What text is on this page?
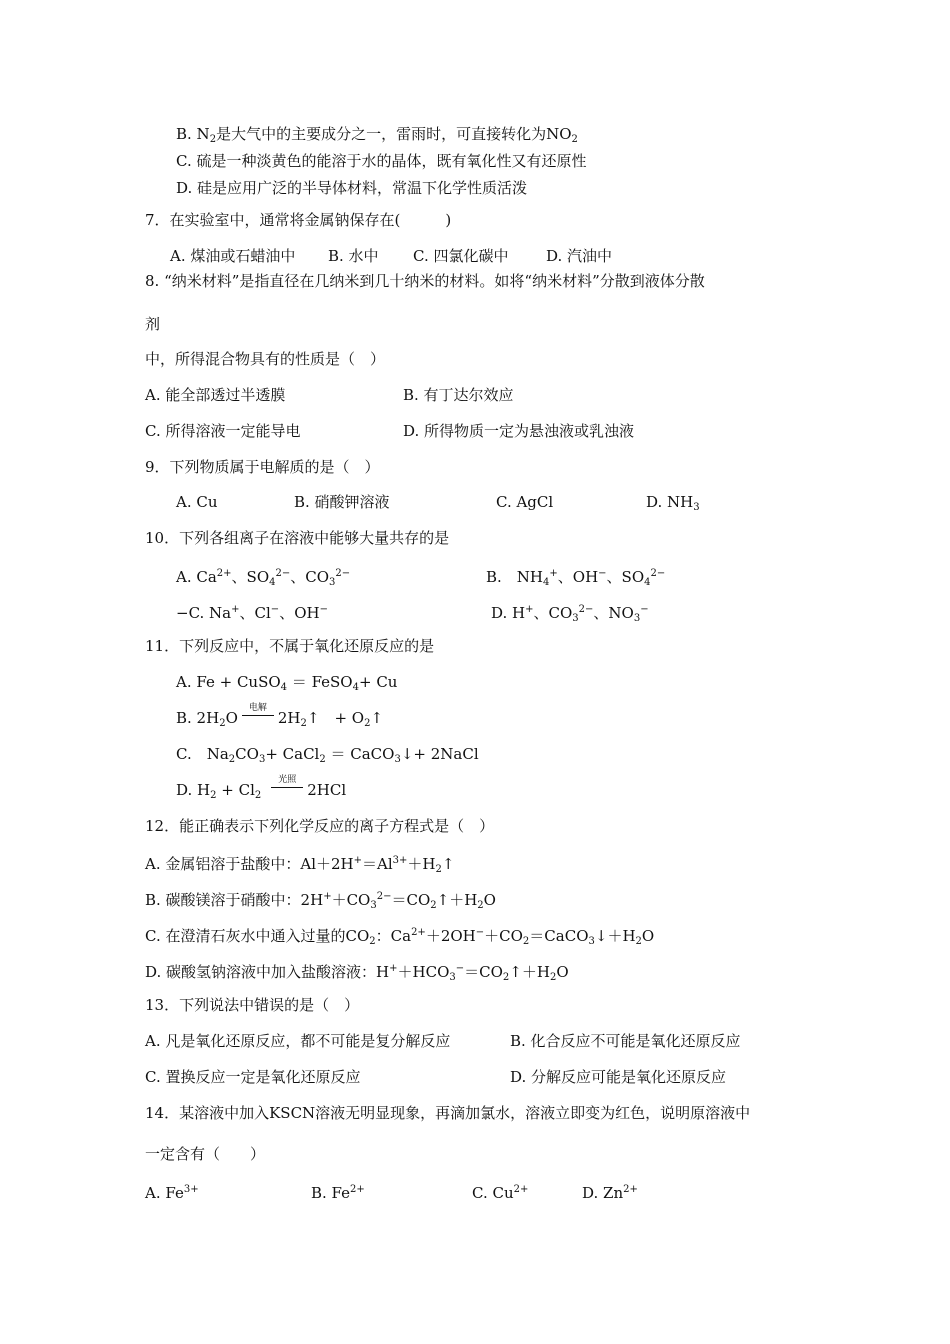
B. $N_2$是大气中的主要成分之一，雷雨时，可直接转化为$NO_2$
C. 硫是一种淡黄色的能溶于水的晶体，既有氧化性又有还原性
D. 硅是应用广泛的半导体材料，常温下化学性质活泼
7．在实验室中，通常将金属钠保存在(　　　)
A. 煤油或石蜡油中 B. 水中 C. 四氯化碳中	D. 汽油中
8. “纳米材料”是指直径在几纳米到几十纳米的材料。如将“纳米材料”分散到液体分散
剂
中，所得混合物具有的性质是（　）
A. 能全部透过半透膜	B. 有丁达尔效应
C. 所得溶液一定能导电	D. 所得物质一定为悬浊液或乳浊液
9．下列物质属于电解质的是（　）
A. Cu	B. 硝酸钾溶液	C. AgCl	D. $NH_3$
10．下列各组离子在溶液中能够大量共存的是
A. $Ca^{2+}$、$SO_4^{2-}$、$CO_3^{2-}$	B.　$NH_4^+$、OH−、$SO_4^{2-}$
−C. Na+、Cl−、OH−	D. H+、$CO_3^{2-}$、$NO_3^-$
11．下列反应中，不属于氧化还原反应的是
A. Fe + CuSO$_4$ ＝ FeSO$_4$+ Cu
B. $2H_2O$
电解
$2H_2↑$　+ $O_2↑$
C.　$Na_2CO_3+$ CaCl$_2$ ＝ CaCO$_3$↓+ 2NaCl
D. $H_2 + Cl_2$
光照
2HCl
12．能正确表示下列化学反应的离子方程式是（　）
A. 金属铝溶于盐酸中：$Al+2H^+=Al^{3+}+H_2↑$
B. 碳酸镁溶于硝酸中：$2H^++CO_3^{2-}=CO_2↑+H_2O$
C. 在澄清石灰水中通入过量的$CO_2$：$Ca^{2+}+2OH^-+CO_2=CaCO_3↓+H_2O$
D. 碳酸氢钠溶液中加入盐酸溶液：$H^++HCO_3^-=CO_2↑+H_2O$
13．下列说法中错误的是（　）
A. 凡是氧化还原反应，都不可能是复分解反应	B. 化合反应不可能是氧化还原反应
C. 置换反应一定是氧化还原反应	D. 分解反应可能是氧化还原反应
14．某溶液中加入KSCN溶液无明显现象，再滴加氯水，溶液立即变为红色，说明原溶液中
一定含有（　　）
A. $Fe^{3+}$	B. $Fe^{2+}$	C. $Cu^{2+}$	D. $Zn^{2+}$
